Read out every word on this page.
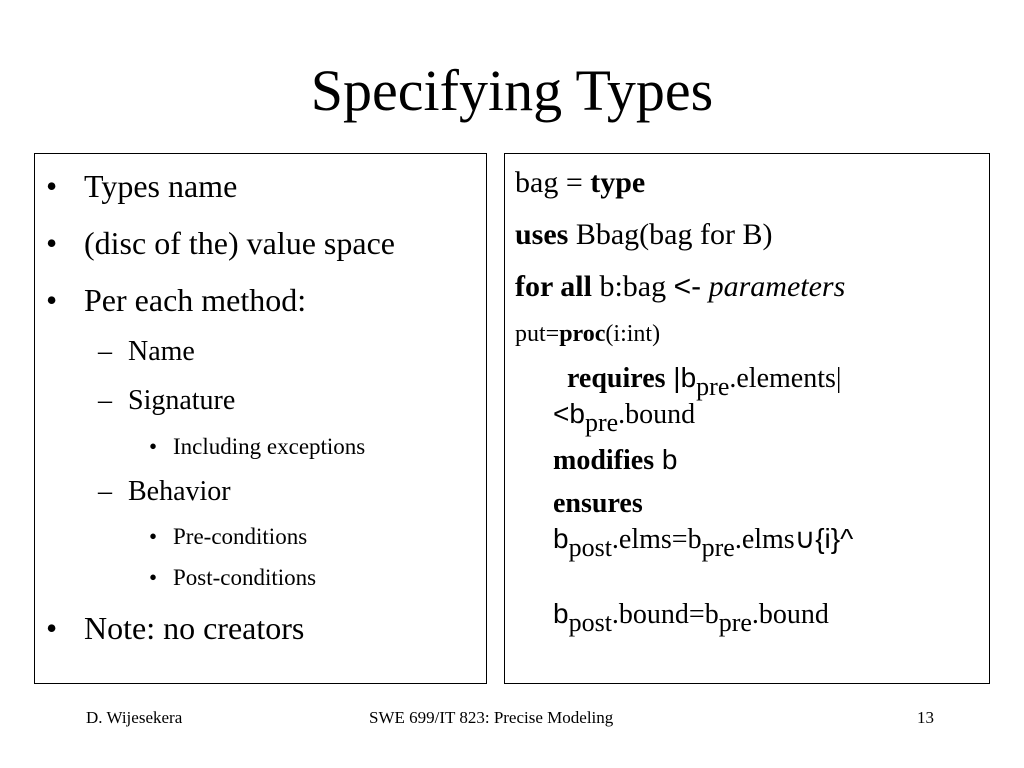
Specifying Types
• Types name
• (disc of the) value space
• Per each method:
– Name
– Signature
• Including exceptions
– Behavior
• Pre-conditions
• Post-conditions
• Note: no creators
bag = type
uses Bbag(bag for B)
for all b:bag <- parameters
put=proc(i:int)
requires |bpre.elements|
<bpre.bound
modifies b
ensures
bpost.elms=bpre.elms∪{i}^
bpost.bound=bpre.bound
D. Wijesekera	SWE 699/IT 823: Precise Modeling	13
